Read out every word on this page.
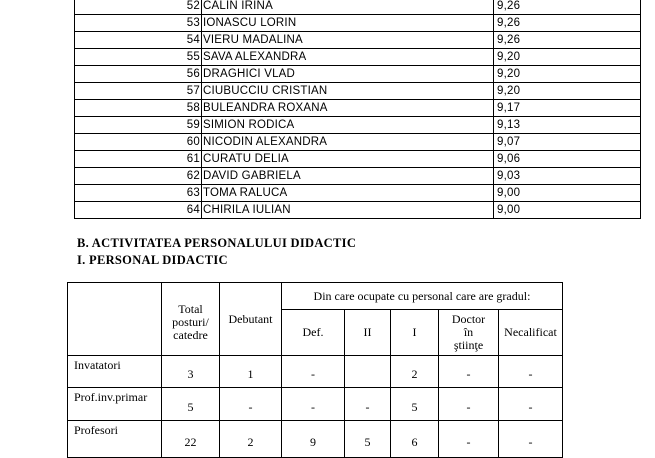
	52	CALIN IRINA	9,26
	53	IONASCU LORIN	9,26
	54	VIERU MADALINA	9,26
	55	SAVA ALEXANDRA	9,20
	56	DRAGHICI VLAD	9,20
	57	CIUBUCCIU CRISTIAN	9,20
	58	BULEANDRA ROXANA	9,17
	59	SIMION RODICA	9,13
	60	NICODIN ALEXANDRA	9,07
	61	CURATU DELIA	9,06
	62	DAVID GABRIELA	9,03
	63	TOMA RALUCA	9,00
	64	CHIRILA IULIAN	9,00
B. ACTIVITATEA PERSONALULUI DIDACTIC
I. PERSONAL DIDACTIC
	Total posturi/ catedre	Debutant	Din care ocupate cu personal care are gradul:				
			Def.	II	I	Doctor în ştiinţe	Necalificat
Invatatori	3	1	-		2	-	-
Prof.inv.primar	5	-	-	-	5	-	-
Profesori	22	2	9	5	6	-	-
